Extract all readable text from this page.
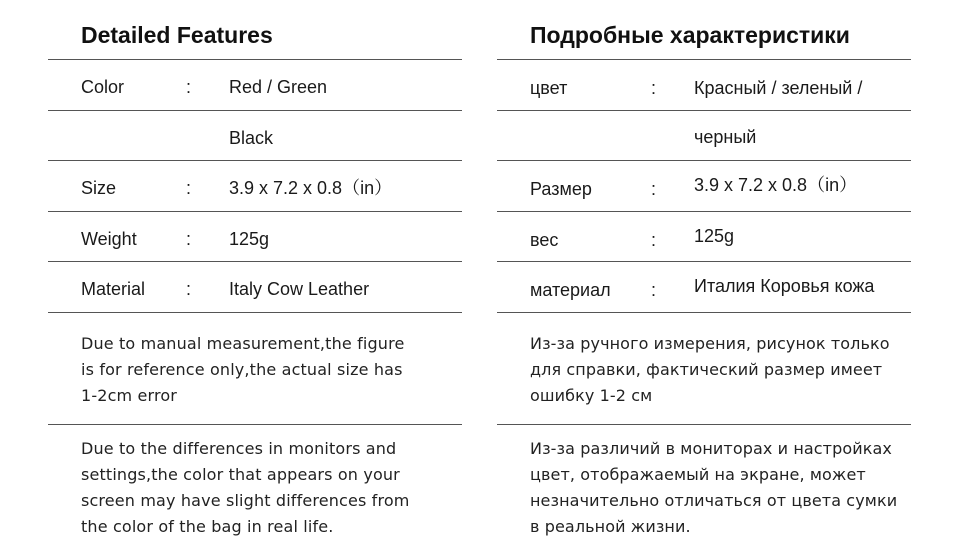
Detailed Features
Color	: Red / Green
Black
Size	: 3.9 x 7.2 x 0.8（in）
Weight	: 125g
Material : Italy Cow Leather
Due to manual measurement,the figure
is for reference only,the actual size has
1-2cm error
Due to the differences in monitors and
settings,the color that appears on your
screen may have slight differences from
the color of the bag in real life.
Подробные характеристики
цвет	: Красный / зеленый /
черный
Размер	: 3.9 x 7.2 x 0.8（in）
вес	: 125g
материал : Италия Коровья кожа
Из-за ручного измерения, рисунок только
для справки, фактический размер имеет
ошибку 1-2 см
Из-за различий в мониторах и настройках
цвет, отображаемый на экране, может
незначительно отличаться от цвета сумки
в реальной жизни.
